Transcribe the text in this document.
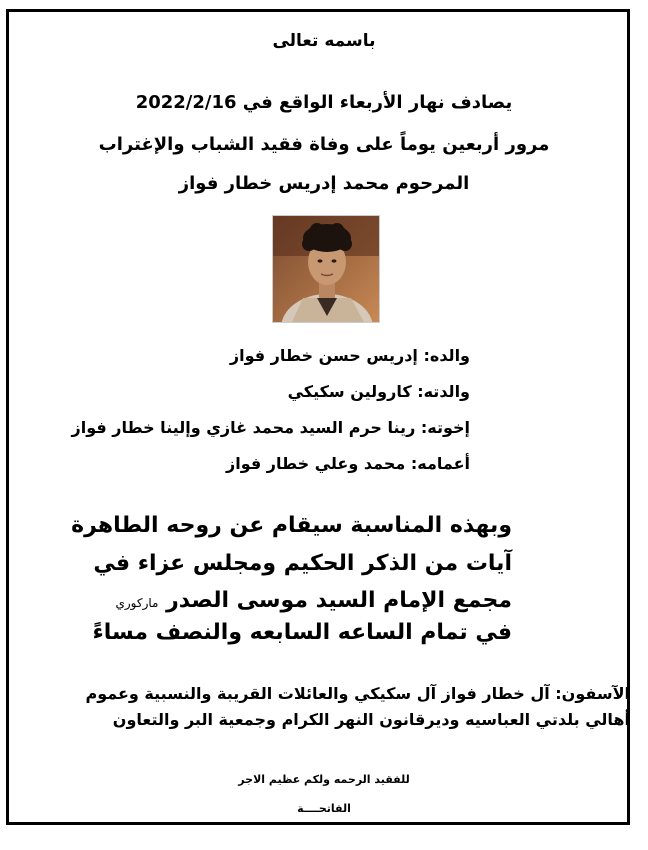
باسمه تعالى
يصادف نهار الأربعاء الواقع في 2022/2/16
مرور أربعين يوماً على وفاة فقيد الشباب والإغتراب
المرحوم محمد إدريس خطار فواز
والده: إدريس حسن خطار فواز
والدته: كارولين سكيكي
إخوته: رينا حرم السيد محمد غازي وإلينا خطار فواز
أعمامه: محمد وعلي خطار فواز
وبهذه المناسبة سيقام عن روحه الطاهرة
آيات من الذكر الحكيم ومجلس عزاء في
مجمع الإمام السيد موسى الصدر ماركوري
في تمام الساعه السابعه والنصف مساءً
الآسفون: آل خطار فواز آل سكيكي والعائلات القريبة والنسبية وعموم
أهالي بلدتي العباسيه وديرقانون النهر الكرام وجمعية البر والتعاون
للفقيد الرحمه ولكم عظيم الاجر
الفاتحــــة
